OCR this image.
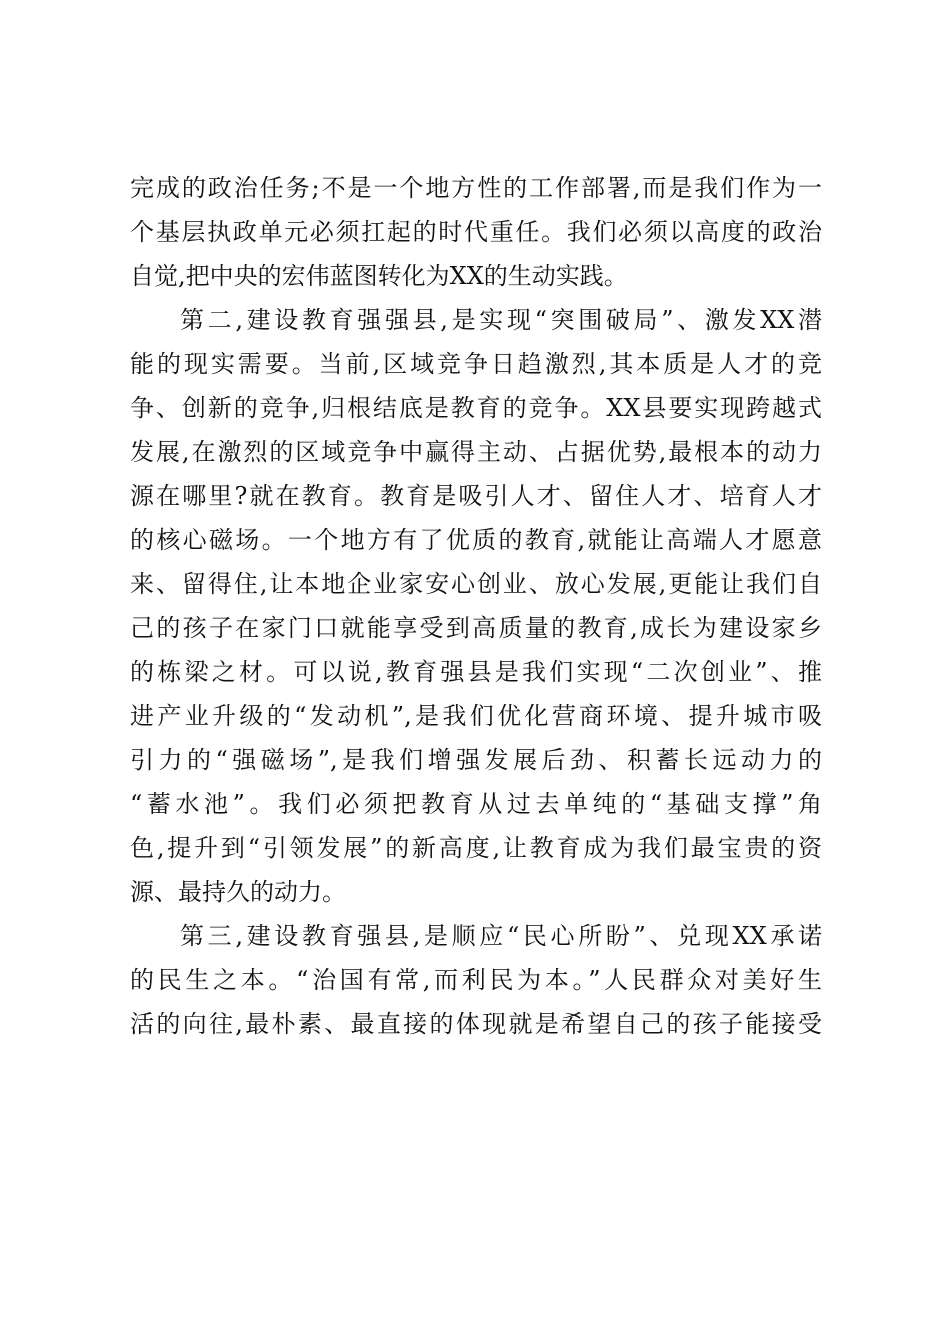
完成的政治任务;不是一个地方性的工作部署,而是我们作为一
个基层执政单元必须扛起的时代重任。我们必须以高度的政治
自觉,把中央的宏伟蓝图转化为XX的生动实践。
第二,建设教育强强县,是实现“突围破局”、激发XX潜
能的现实需要。当前,区域竞争日趋激烈,其本质是人才的竞
争、创新的竞争,归根结底是教育的竞争。XX县要实现跨越式
发展,在激烈的区域竞争中赢得主动、占据优势,最根本的动力
源在哪里?就在教育。教育是吸引人才、留住人才、培育人才
的核心磁场。一个地方有了优质的教育,就能让高端人才愿意
来、留得住,让本地企业家安心创业、放心发展,更能让我们自
己的孩子在家门口就能享受到高质量的教育,成长为建设家乡
的栋梁之材。可以说,教育强县是我们实现“二次创业”、推
进产业升级的“发动机”,是我们优化营商环境、提升城市吸
引力的“强磁场”,是我们增强发展后劲、积蓄长远动力的
“蓄水池”。我们必须把教育从过去单纯的“基础支撑”角
色,提升到“引领发展”的新高度,让教育成为我们最宝贵的资
源、最持久的动力。
第三,建设教育强县,是顺应“民心所盼”、兑现XX承诺
的民生之本。“治国有常,而利民为本。”人民群众对美好生
活的向往,最朴素、最直接的体现就是希望自己的孩子能接受
